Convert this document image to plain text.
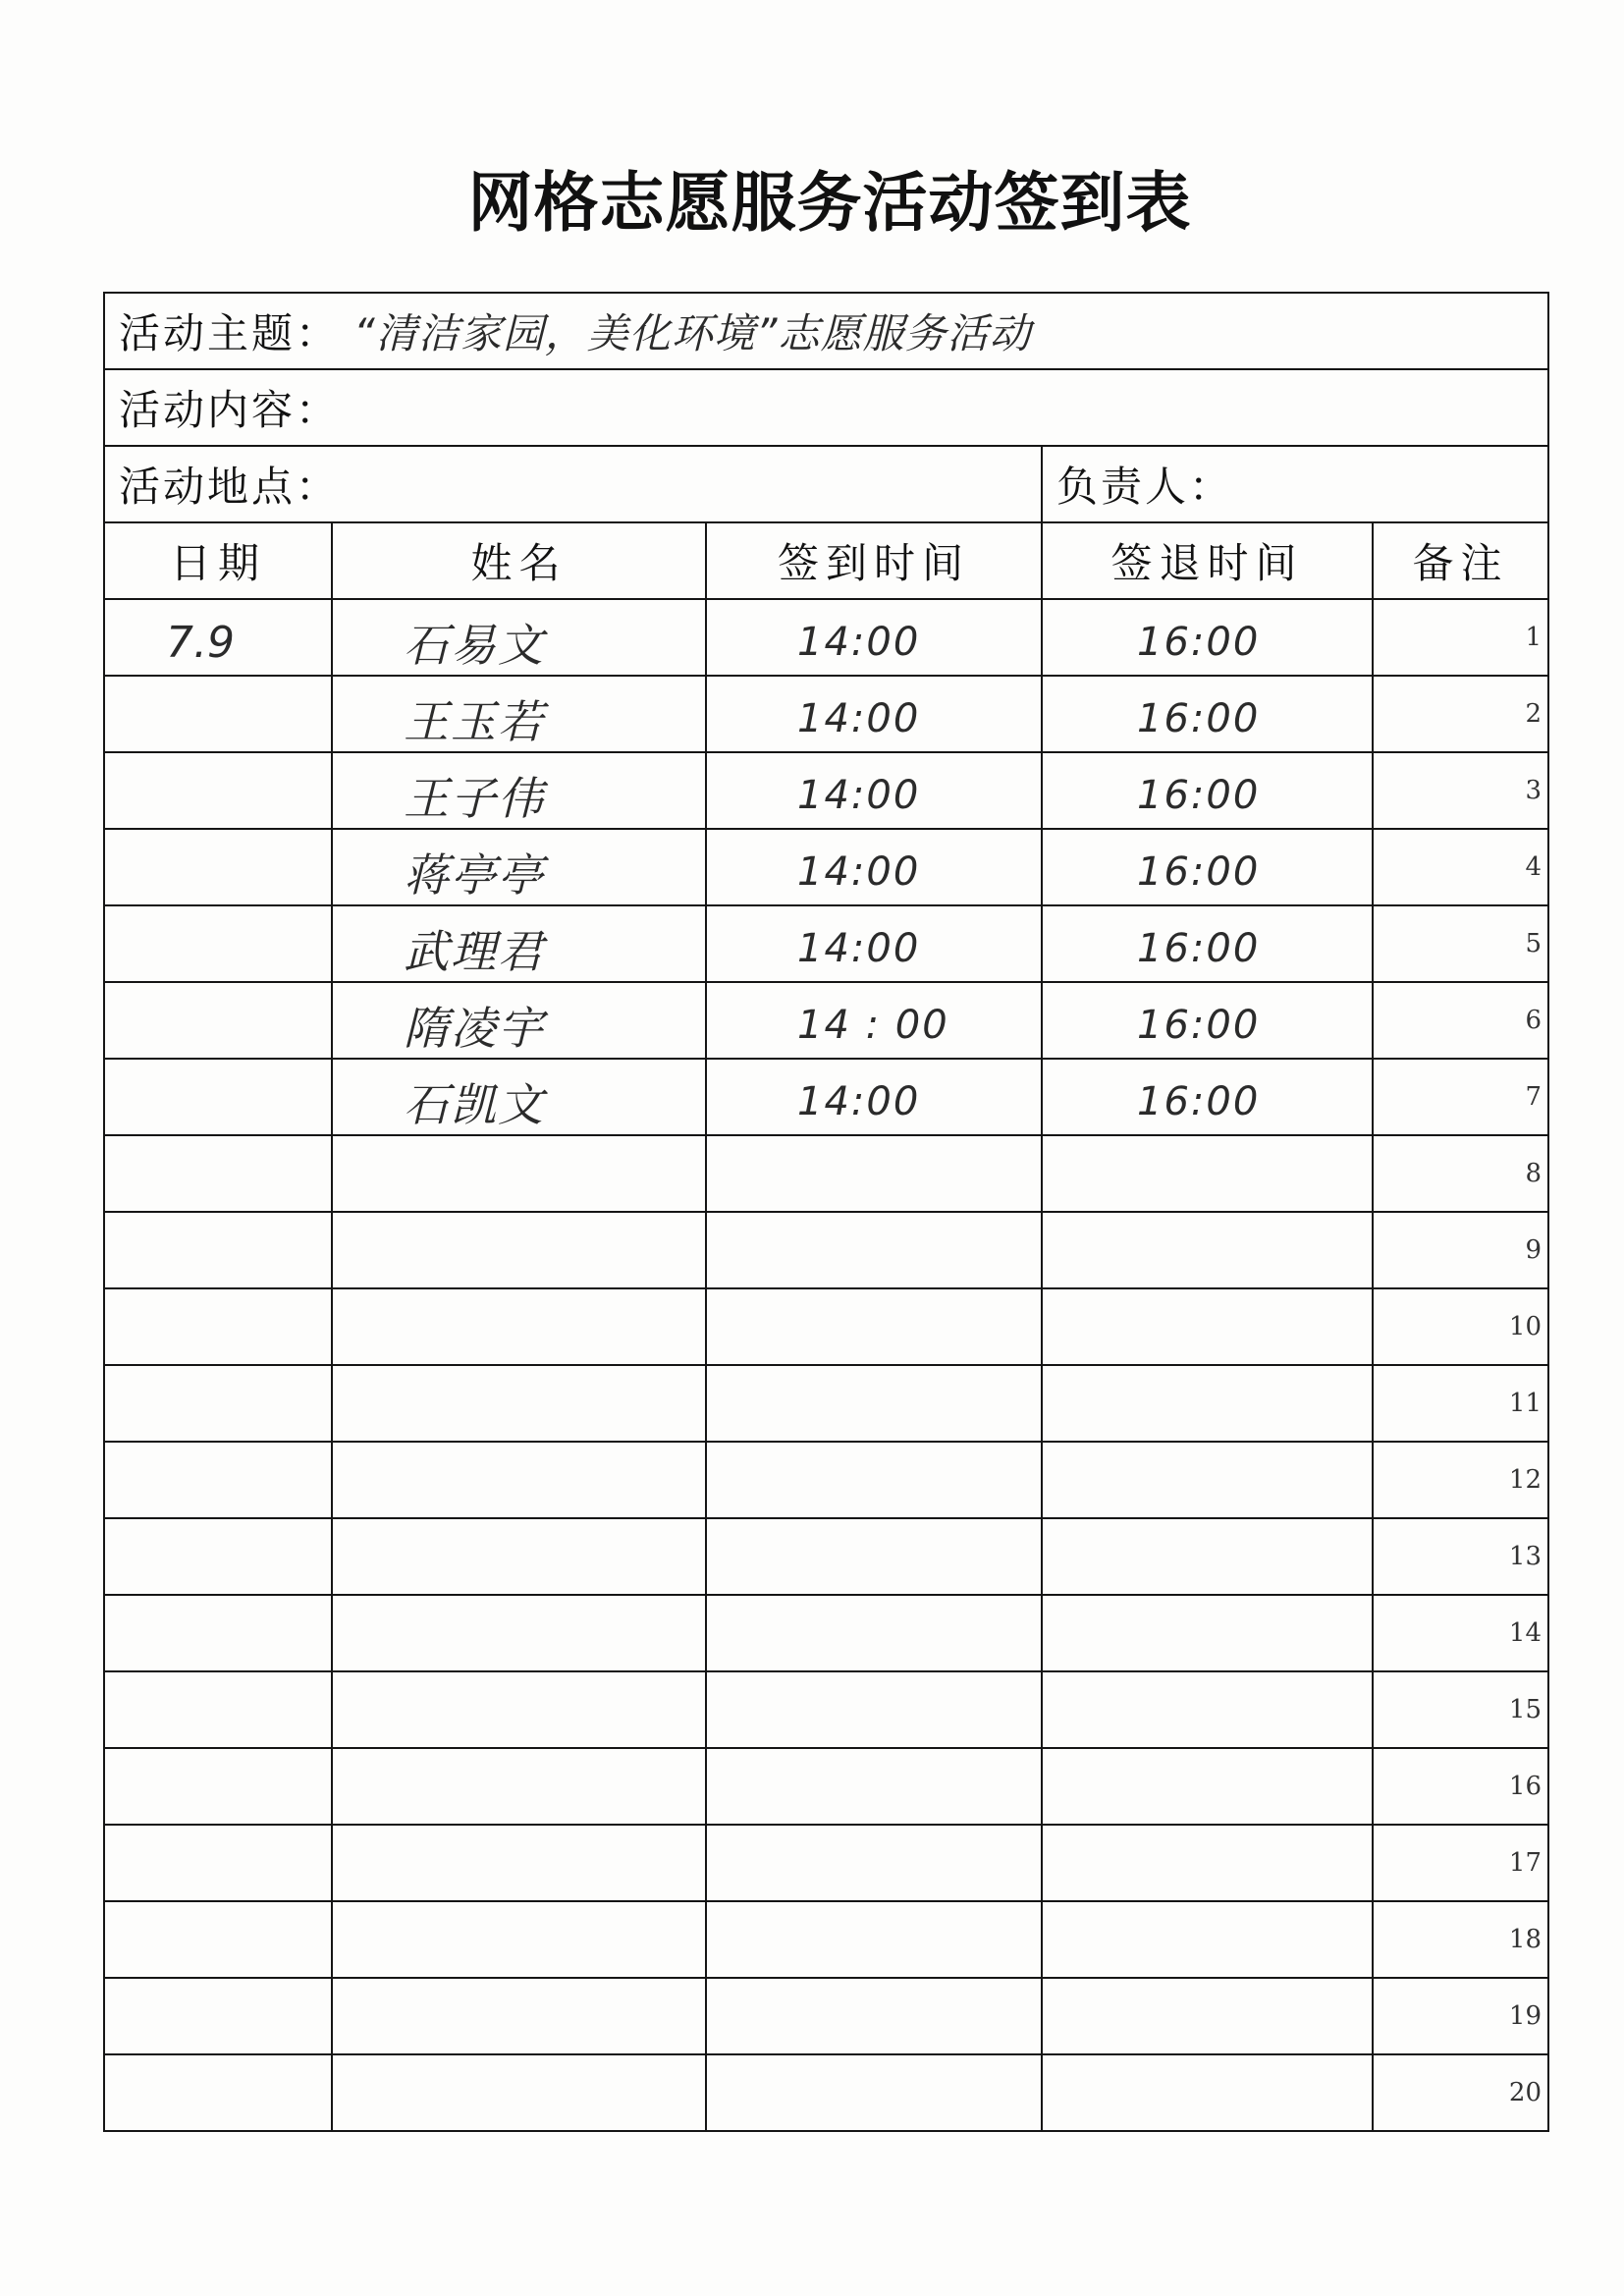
网格志愿服务活动签到表
活动主题： “清洁家园，美化环境”志愿服务活动				
活动内容：				
活动地点：			负责人：	
日期	姓名	签到时间	签退时间	备注
7.9	石易文	14:00	16:00	1
	王玉若	14:00	16:00	2
	王子伟	14:00	16:00	3
	蒋亭亭	14:00	16:00	4
	武理君	14:00	16:00	5
	隋凌宇	14 : 00	16:00	6
	石凯文	14:00	16:00	7
				8
				9
				10
				11
				12
				13
				14
				15
				16
				17
				18
				19
				20
